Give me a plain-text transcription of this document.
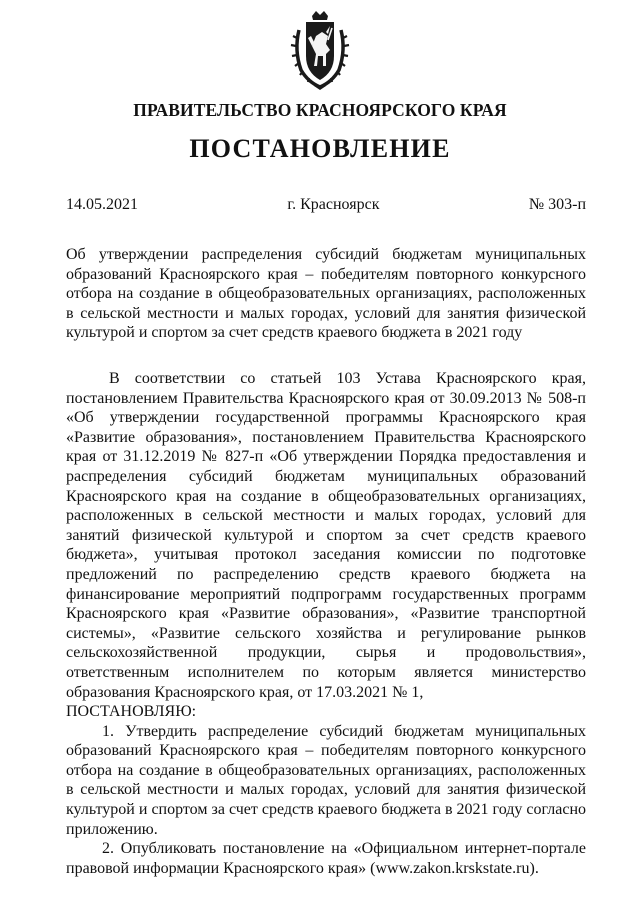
ПРАВИТЕЛЬСТВО КРАСНОЯРСКОГО КРАЯ
ПОСТАНОВЛЕНИЕ
14.05.2021	г. Красноярск	№ 303-п
Об утверждении распределения субсидий бюджетам муниципальных образований Красноярского края – победителям повторного конкурсного отбора на создание в общеобразовательных организациях, расположенных в сельской местности и малых городах, условий для занятия физической культурой и спортом за счет средств краевого бюджета в 2021 году

В соответствии со статьей 103 Устава Красноярского края, постановлением Правительства Красноярского края от 30.09.2013 № 508-п «Об утверждении государственной программы Красноярского края «Развитие образования», постановлением Правительства Красноярского края от 31.12.2019 № 827-п «Об утверждении Порядка предоставления и распределения субсидий бюджетам муниципальных образований Красноярского края на создание в общеобразовательных организациях, расположенных в сельской местности и малых городах, условий для занятий физической культурой и спортом за счет средств краевого бюджета», учитывая протокол заседания комиссии по подготовке предложений по распределению средств краевого бюджета на финансирование мероприятий подпрограмм государственных программ Красноярского края «Развитие образования», «Развитие транспортной системы», «Развитие сельского хозяйства и регулирование рынков сельскохозяйственной продукции, сырья и продовольствия», ответственным исполнителем по которым является министерство образования Красноярского края, от 17.03.2021 № 1,
ПОСТАНОВЛЯЮ:

1. Утвердить распределение субсидий бюджетам муниципальных образований Красноярского края – победителям повторного конкурсного отбора на создание в общеобразовательных организациях, расположенных в сельской местности и малых городах, условий для занятия физической культурой и спортом за счет средств краевого бюджета в 2021 году согласно приложению.

2. Опубликовать постановление на «Официальном интернет-портале правовой информации Красноярского края» (www.zakon.krskstate.ru).
